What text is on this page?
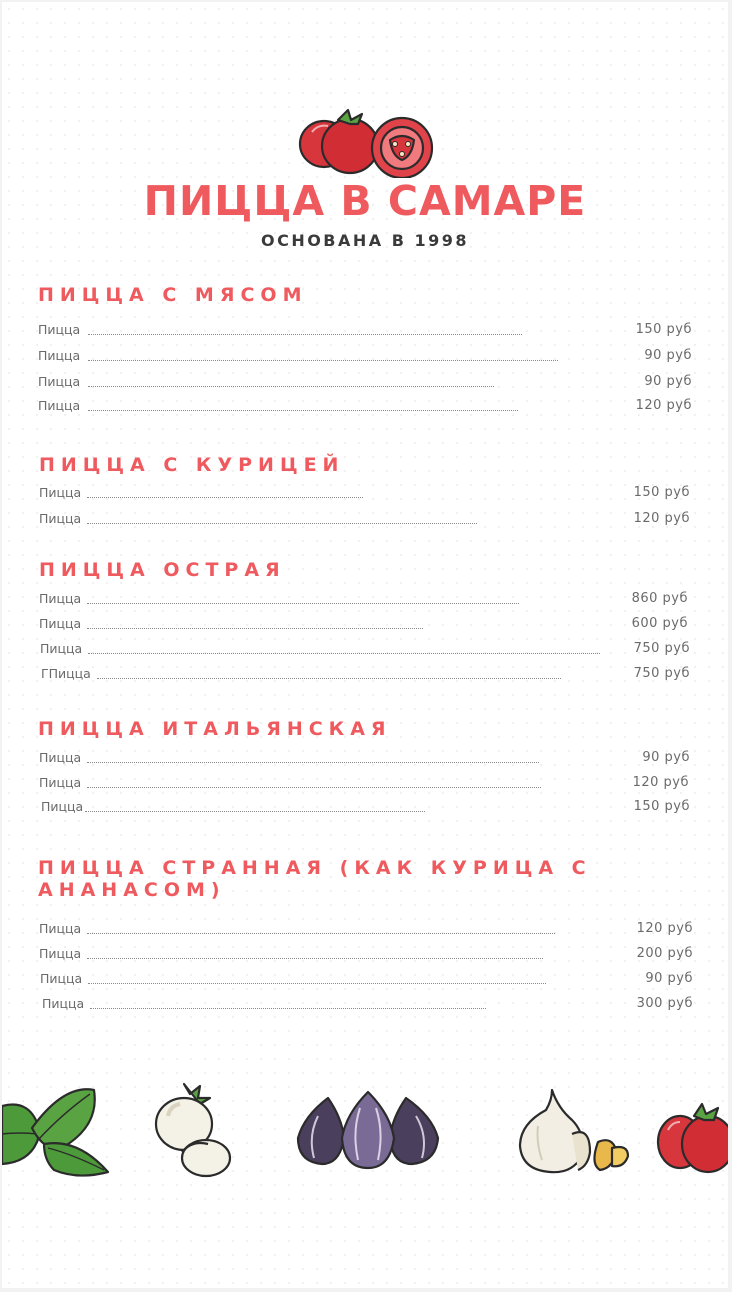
ПИЦЦА В САМАРЕ
ОСНОВАНА В 1998
ПИЦЦА С МЯСОМ
Пицца	150 руб
Пицца	90 руб
Пицца	90 руб
Пицца	120 руб
ПИЦЦА С КУРИЦЕЙ
Пицца	150 руб
Пицца	120 руб
ПИЦЦА ОСТРАЯ
Пицца	860 руб
Пицца	600 руб
Пицца	750 руб
ГПицца	750 руб
ПИЦЦА ИТАЛЬЯНСКАЯ
Пицца	90 руб
Пицца	120 руб
Пицца	150 руб
ПИЦЦА СТРАННАЯ (КАК КУРИЦА С АНАНАСОМ)
Пицца	120 руб
Пицца	200 руб
Пицца	90 руб
Пицца	300 руб
